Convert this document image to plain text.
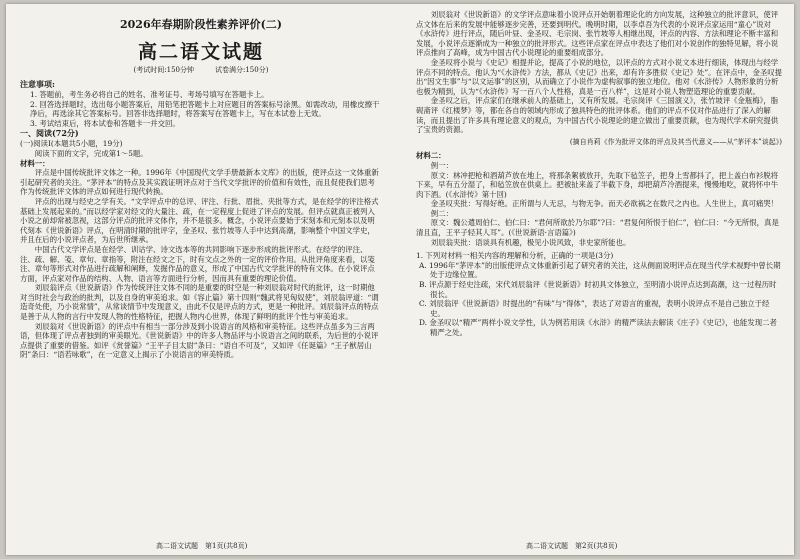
2026年春期阶段性素养评价(二)

高二语文试题

(考试时间:150分钟　　　试卷满分:150分)

注意事项:

1. 答题前，考生务必将自己的姓名、准考证号、考场号填写在答题卡上。

2. 回答选择题时，选出每小题答案后，用铅笔把答题卡上对应题目的答案标号涂黑。如需改动，用橡皮擦干净后，再选涂其它答案标号。回答非选择题时，将答案写在答题卡上，写在本试卷上无效。

3. 考试结束后，将本试卷和答题卡一并交回。

一、阅读(72分)

(一)阅读Ⅰ(本题共5小题，19分)

阅读下面的文字，完成第1～5题。

材料一：

评点是中国传统批评文体之一种。1996年《中国现代文学手册最新本文库》的出版，使评点这一文体重新引起研究者的关注。“茅评本”的特点及其实践证明评点对于当代文学批评的价值和有效性，而且促使我们思考作为传统批评文体的评点如何进行现代转换。

评点的出现与经史之学有关。“文学评点中的总评、评注、行批、眉批、夹批等方式，是在经学的评注格式基础上发展起来的。”而以经学家对经文的大量注、疏，在一定程度上促进了评点的发展。但评点就真正被列入小说之前却常被忽视，这部分评点的批评文体作，并不是很多。概念，小说评点要始于宋刻本和元刻本以及明代刻本《世说新语》评点，在明清时期的批评字，金圣叹、张竹坡等人手中达到高潮，影响整个中国文学史，并且在后的小说评点者，为后世所继承。

中国古代文学评点是在经学、训诂学、诗文选本等的共同影响下逐步形成的批评形式。在经学的评注、注、疏、解、笺、章句、章指等，附注在经文之下，时有文点之外的一定的评价作用。从批评角度来看，以笺注、章句等形式对作品进行疏解和阐释，发掘作品的意义，形成了中国古代文学批评的特有文体。在小说评点方面，评点家对作品的结构、人物、语言等方面进行分析，因而具有重要的理论价值。

刘辰翁评点《世说新语》作为传统评注文体不同的是重要的时空是一种刘辰翁对时代的批评，这一时期他对当时社会与政治的批判，以及自身的审美追求。如《容止篇》第十四则“魏武将见匈奴使”，刘辰翁评道：“谓造奇处使，乃小说常情”，从常谈情节中发现意义，由此不仅是评点的方式，更是一种批评。刘辰翁评点的特点是善于从人物的言行中发现人物的性格特征，把握人物内心世界，体现了鲜明的批评个性与审美追求。

刘辰翁对《世说新语》的评点中有相当一部分涉及到小说语言的风格和审美特征。这些评点虽多为三言两语，但体现了评点者独到的审美眼光。《世说新语》中的许多人物品评与小说语言之间的联系，为后世的小说评点提供了重要的借鉴。如评《赏誉篇》“王平子目太尉”条曰：“语自不可及”，又如评《任诞篇》“王子猷居山阴”条曰：“语若咏歌”，在一定意义上揭示了小说语言的审美特质。

刘辰翁对《世说新语》的文学评点意味着小说评点开始朝着理论化的方向发展，这种独立的批评意识，使评点文体在后来的发展中能够逐步完善，还要到明代。晚明时期，以李卓吾为代表的小说评点家运用“童心”说对《水浒传》进行评点，随后叶昼、金圣叹、毛宗岗、张竹坡等人相继出现，评点的内容、方法和理论不断丰富和发展，小说评点逐渐成为一种独立的批评形式。这些评点家在评点中表达了他们对小说创作的独特见解，将小说评点推向了高峰，成为中国古代小说理论的重要组成部分。

金圣叹将小说与《史记》相提并论，提高了小说的地位，以评点的方式对小说文本进行细读，体现出与经学评点不同的特点。他认为“《水浒传》方法，都从《史记》出来，却有许多胜似《史记》处”。在评点中，金圣叹提出“因文生事”与“以文运事”的区别，从而确立了小说作为虚构叙事的独立地位。他对《水浒传》人物形象的分析也极为精到，认为“《水浒传》写一百八个人性格，真是一百八样”，这是对小说人物塑造理论的重要贡献。

金圣叹之后，评点家们在继承前人的基础上，又有所发展。毛宗岗评《三国演义》，张竹坡评《金瓶梅》，脂砚斋评《红楼梦》等，都在各自的领域内形成了独具特色的批评体系。他们的评点不仅对作品进行了深入的解读，而且提出了许多具有理论意义的观点，为中国古代小说理论的建立做出了重要贡献，也为现代学术研究提供了宝贵的资源。

(摘自肖莉《作为批评文体的评点及其当代意义——从“茅评本”谈起》)

材料二：

例一：

原文：林冲把枪和酒葫芦放在地上，将那条絮被放开，先取下毡笠子，把身上雪都抖了，把上盖白布衫脱将下来，早有五分湿了，和毡笠放在供桌上。把被扯来盖了半截下身，却把葫芦冷酒提来，慢慢地吃，就将怀中牛肉下酒。(《水浒传》第十回)

金圣叹夹批：写得好绝。正所谓与人无忌，与物无争。而天必欲祸之在数尺之内也。人生世上，真可痛哭！

例二：

原文：魏公遣周伯仁、伯仁曰：“君何所欲於乃尔耶”?曰：“君复何所恨于伯仁”，伯仁曰：“今无所恨，真是清且直，王平子轻其人耳”。(《世说新语·言语篇》)

刘辰翁夹批：语谈具有机趣，极见小说风致，非史家所能也。

1. 下列对材料一相关内容的理解和分析，正确的一项是(3分)

A. 1996年“茅评本”的出版使评点文体重新引起了研究者的关注，这从侧面说明评点在现当代学术视野中曾长期处于边缘位置。

B. 评点源于经史注疏，宋代刘辰翁评《世说新语》时初具文体独立，至明清小说评点达到高潮，这一过程历时很长。

C. 刘辰翁评《世说新语》时提出的“有味”与“得体”，表达了对语言的重视，表明小说评点不是自己独立于经史。

D. 金圣叹以“精严”两样小说文学性，认为例若用读《水浒》的精严读法去解读《庄子》《史记》，也能发现二者精严之处。

高二语文试题　第1页(共8页)	高二语文试题　第2页(共8页)
